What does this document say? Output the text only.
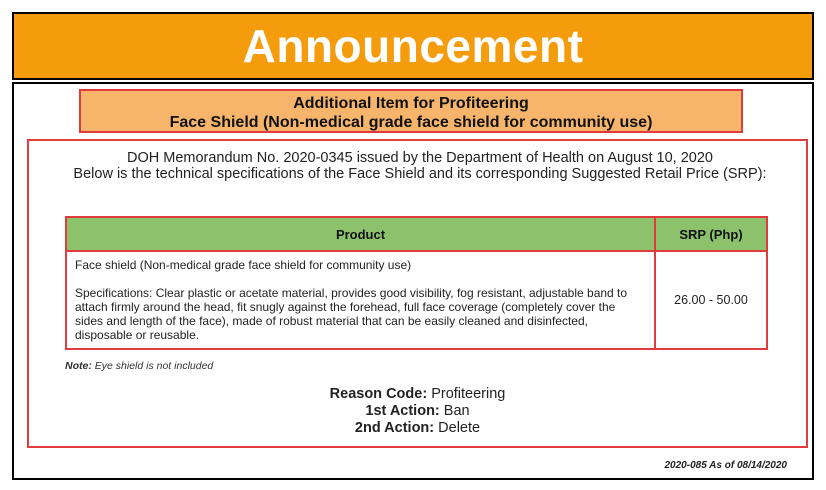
Announcement
Additional Item for Profiteering
Face Shield (Non-medical grade face shield for community use)
DOH Memorandum No. 2020-0345 issued by the Department of Health on August 10, 2020
Below is the technical specifications of the Face Shield and its corresponding Suggested Retail Price (SRP):
Product	SRP (Php)

Face shield (Non-medical grade face shield for community use)
Specifications: Clear plastic or acetate material, provides good visibility, fog resistant, adjustable band to attach firmly around the head, fit snugly against the forehead, full face coverage (completely cover the sides and length of the face), made of robust material that can be easily cleaned and disinfected, disposable or reusable.	26.00 - 50.00
Note: Eye shield is not included
Reason Code: Profiteering
1st Action: Ban
2nd Action: Delete
2020-085 As of 08/14/2020
